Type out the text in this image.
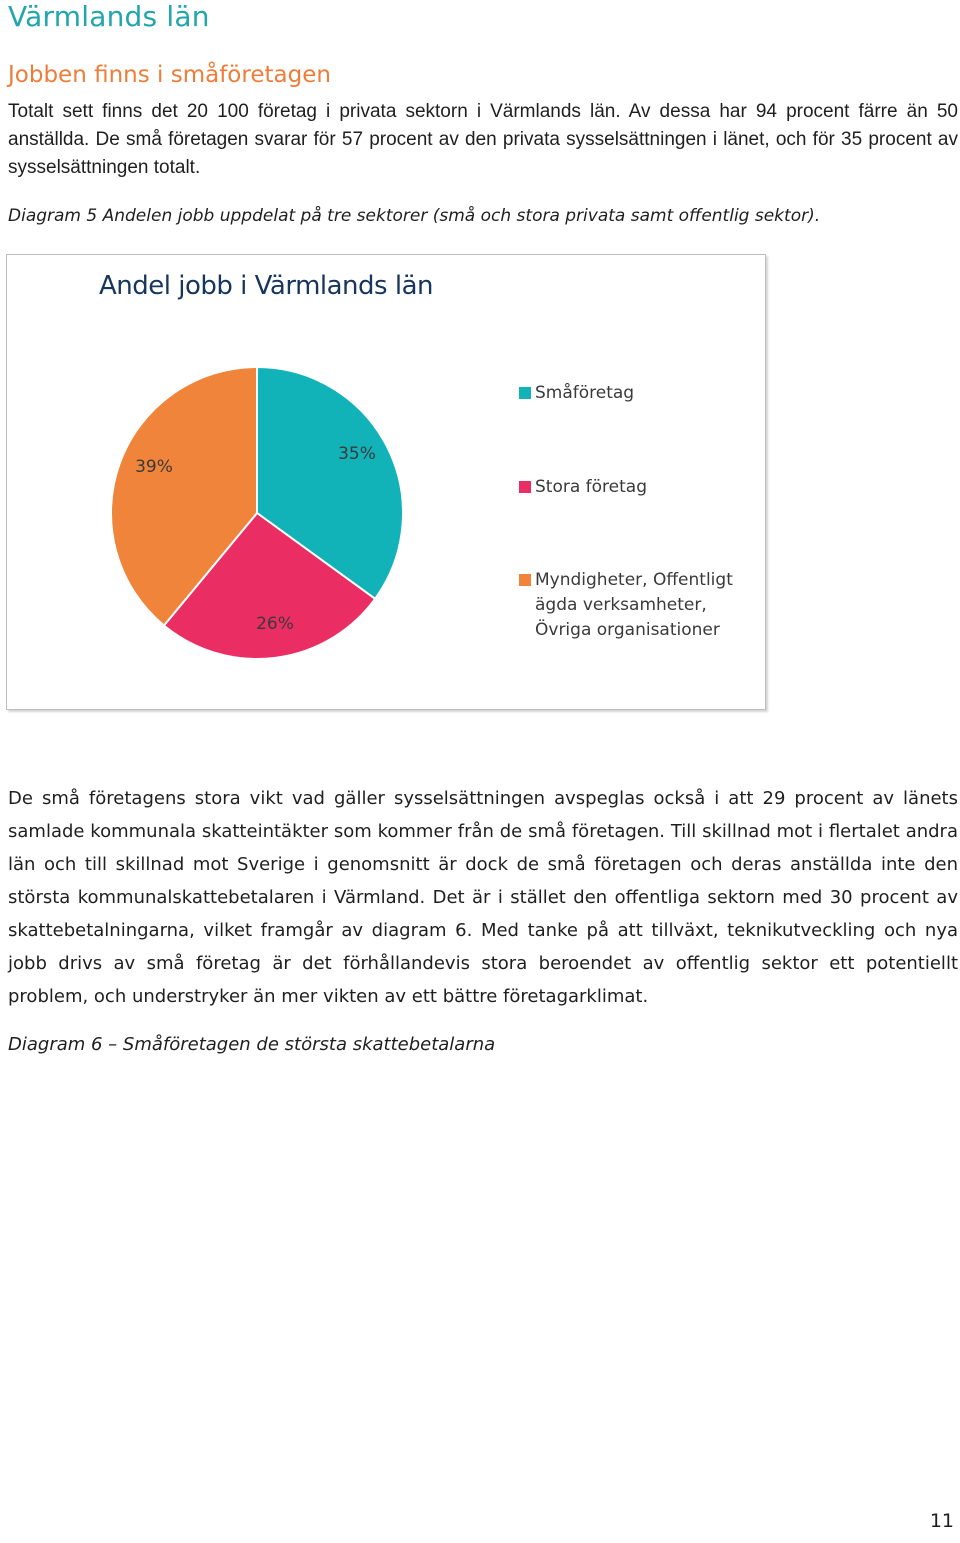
Värmlands län
Jobben finns i småföretagen

Totalt sett finns det 20 100 företag i privata sektorn i Värmlands län. Av dessa har 94 procent färre än 50 anställda. De små företagen svarar för 57 procent av den privata sysselsättningen i länet, och för 35 procent av sysselsättningen totalt.

Diagram 5 Andelen jobb uppdelat på tre sektorer (små och stora privata samt offentlig sektor).
Andel jobb i Värmlands län
35%
26%
39%
Småföretag
Stora företag
Myndigheter, Offentligt
ägda verksamheter,
Övriga organisationer

De små företagens stora vikt vad gäller sysselsättningen avspeglas också i att 29 procent av länets samlade kommunala skatteintäkter som kommer från de små företagen. Till skillnad mot i flertalet andra län och till skillnad mot Sverige i genomsnitt är dock de små företagen och deras anställda inte den största kommunalskattebetalaren i Värmland. Det är i stället den offentliga sektorn med 30 procent av skattebetalningarna, vilket framgår av diagram 6. Med tanke på att tillväxt, teknikutveckling och nya jobb drivs av små företag är det förhållandevis stora beroendet av offentlig sektor ett potentiellt problem, och understryker än mer vikten av ett bättre företagarklimat.

Diagram 6 – Småföretagen de största skattebetalarna
11
